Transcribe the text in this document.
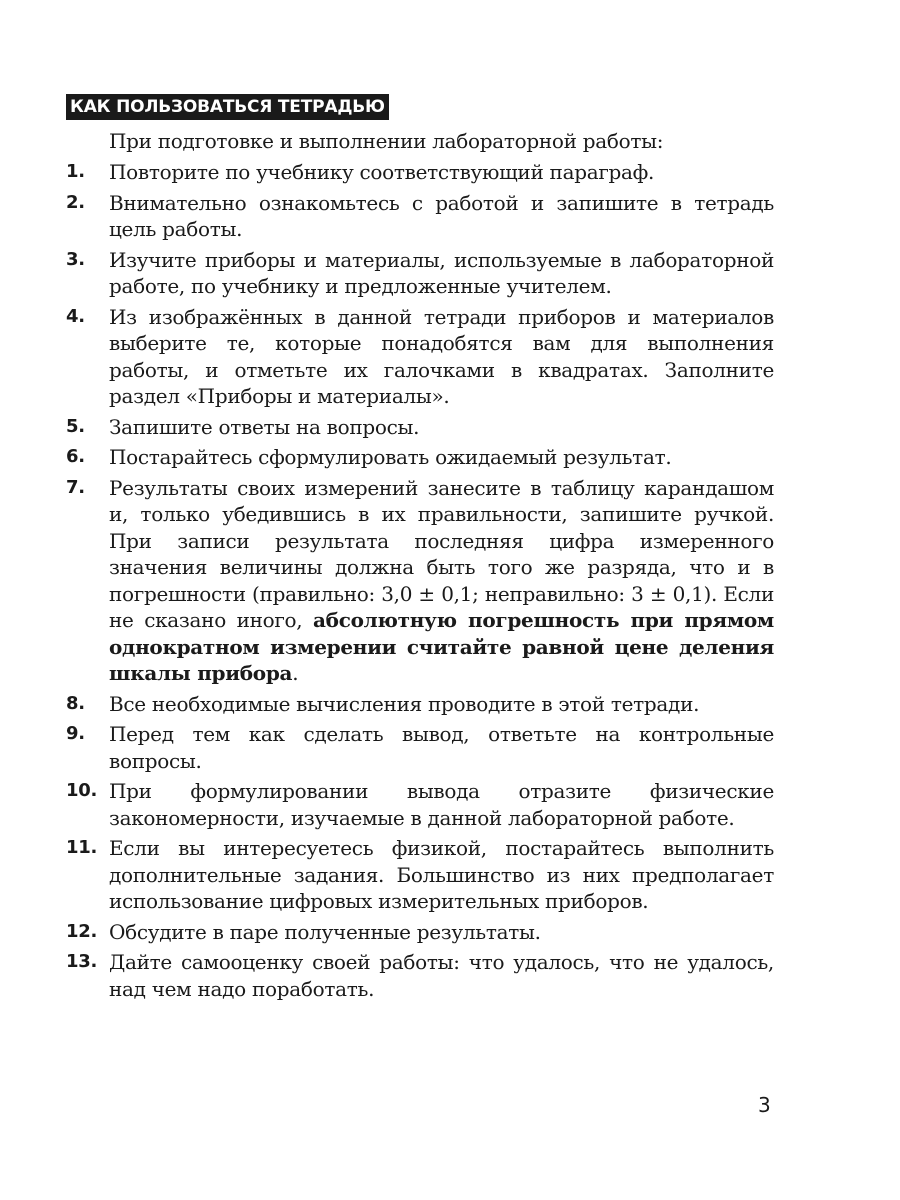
КАК ПОЛЬЗОВАТЬСЯ ТЕТРАДЬЮ
При подготовке и выполнении лабораторной работы:
1. Повторите по учебнику соответствующий параграф.
2. Внимательно ознакомьтесь с работой и запишите в тетрадь цель работы.
3. Изучите приборы и материалы, используемые в лабораторной работе, по учебнику и предложенные учителем.
4. Из изображённых в данной тетради приборов и материалов выберите те, которые понадобятся вам для выполнения работы, и отметьте их галочками в квадратах. Заполните раздел «Приборы и материалы».
5. Запишите ответы на вопросы.
6. Постарайтесь сформулировать ожидаемый результат.
7. Результаты своих измерений занесите в таблицу карандашом и, только убедившись в их правильности, запишите ручкой. При записи результата последняя цифра измеренного значения величины должна быть того же разряда, что и в погрешности (правильно: 3,0 ± 0,1; неправильно: 3 ± 0,1). Если не сказано иного, абсолютную погрешность при прямом однократном измерении считайте равной цене деления шкалы прибора.
8. Все необходимые вычисления проводите в этой тетради.
9. Перед тем как сделать вывод, ответьте на контрольные вопросы.
10. При формулировании вывода отразите физические закономерности, изучаемые в данной лабораторной работе.
11. Если вы интересуетесь физикой, постарайтесь выполнить дополнительные задания. Большинство из них предполагает использование цифровых измерительных приборов.
12. Обсудите в паре полученные результаты.
13. Дайте самооценку своей работы: что удалось, что не удалось, над чем надо поработать.
3
